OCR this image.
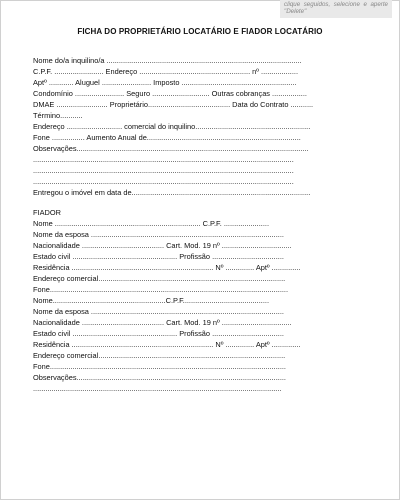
clique seguidos, selecione e aperte "Delete"
FICHA DO PROPRIETÁRIO LOCATÁRIO E FIADOR LOCATÁRIO
Nome do/a inquilino/a ...............................................................................................
C.P.F. ........................ Endereço ...................................................... nº ..................
Aptº ............ Aluguel ........................ Imposto ........................................................
Condomínio ........................ Seguro ............................ Outras cobranças .................
DMAE ......................... Proprietário........................................ Data do Contrato ...........
Término...........
Endereço ........................... comercial do inquilino........................................................
Fone ................ Aumento Anual de...........................................................................
Observações.................................................................................................................
...............................................................................................................................
...............................................................................................................................
...............................................................................................................................
Entregou o imóvel em data de.......................................................................................
FIADOR
Nome ....................................................................... C.P.F. ......................
Nome da esposa ..............................................................................................
Nacionalidade ........................................ Cart. Mod. 19 nº ..................................
Estado civil ................................................... Profissão ...................................
Residência ..................................................................... Nº .............. Aptº ..............
Endereço comercial...........................................................................................
Fone....................................................................................................................
Nome.......................................................C.P.F..........................................
Nome da esposa ..............................................................................................
Nacionalidade ........................................ Cart. Mod. 19 nº ..................................
Estado civil ................................................... Profissão ...................................
Residência ..................................................................... Nº .............. Aptº ..............
Endereço comercial...........................................................................................
Fone...................................................................................................................
Observações......................................................................................................
.........................................................................................................................
